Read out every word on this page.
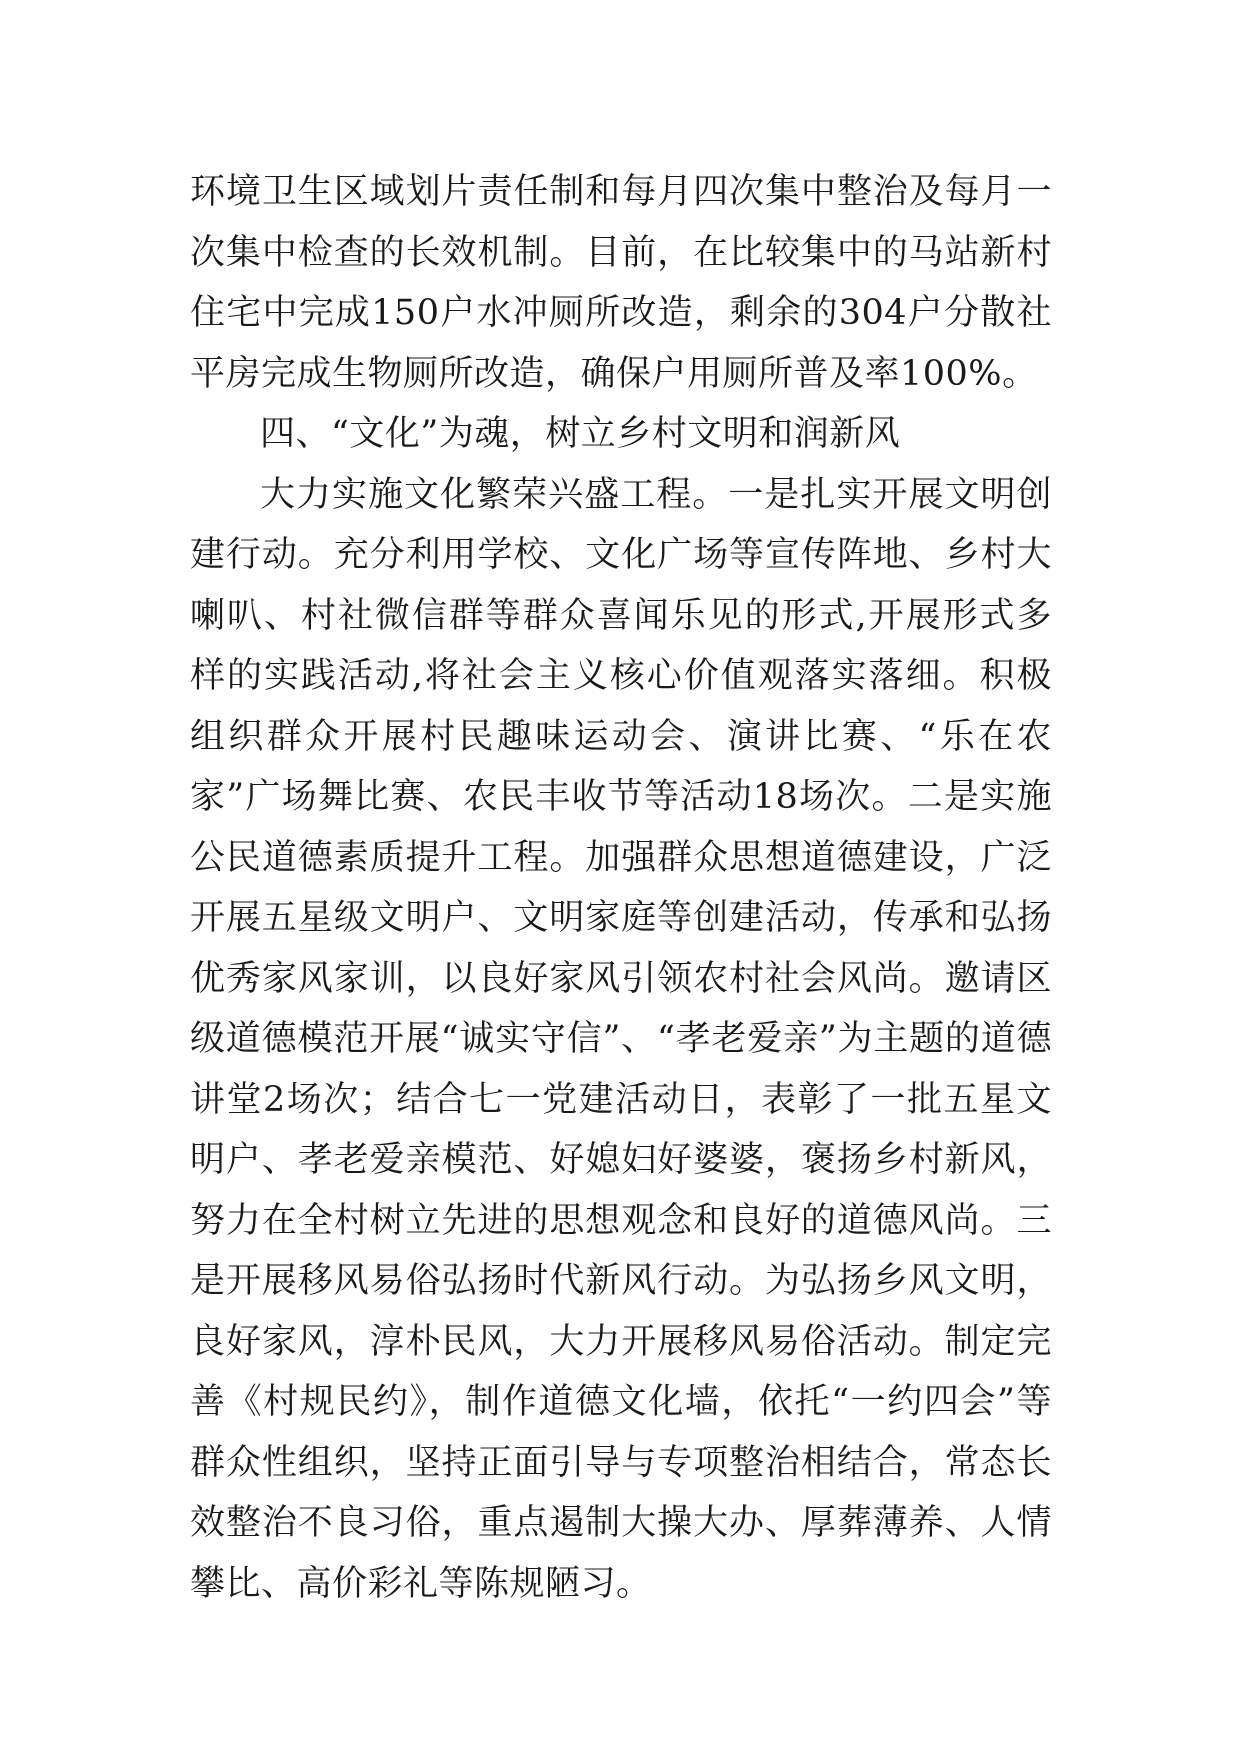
环境卫生区域划片责任制和每月四次集中整治及每月一次集中检查的长效机制。目前，在比较集中的马站新村住宅中完成150户水冲厕所改造，剩余的304户分散社平房完成生物厕所改造，确保户用厕所普及率100%。

四、“文化”为魂，树立乡村文明和润新风

大力实施文化繁荣兴盛工程。一是扎实开展文明创建行动。充分利用学校、文化广场等宣传阵地、乡村大喇叭、村社微信群等群众喜闻乐见的形式,开展形式多样的实践活动,将社会主义核心价值观落实落细。积极组织群众开展村民趣味运动会、演讲比赛、“乐在农家”广场舞比赛、农民丰收节等活动18场次。二是实施公民道德素质提升工程。加强群众思想道德建设，广泛开展五星级文明户、文明家庭等创建活动，传承和弘扬优秀家风家训，以良好家风引领农村社会风尚。邀请区级道德模范开展“诚实守信”、“孝老爱亲”为主题的道德讲堂2场次；结合七一党建活动日，表彰了一批五星文明户、孝老爱亲模范、好媳妇好婆婆，褒扬乡村新风，努力在全村树立先进的思想观念和良好的道德风尚。三是开展移风易俗弘扬时代新风行动。为弘扬乡风文明，良好家风，淳朴民风，大力开展移风易俗活动。制定完善《村规民约》，制作道德文化墙，依托“一约四会”等群众性组织，坚持正面引导与专项整治相结合，常态长效整治不良习俗，重点遏制大操大办、厚葬薄养、人情攀比、高价彩礼等陈规陋习。
